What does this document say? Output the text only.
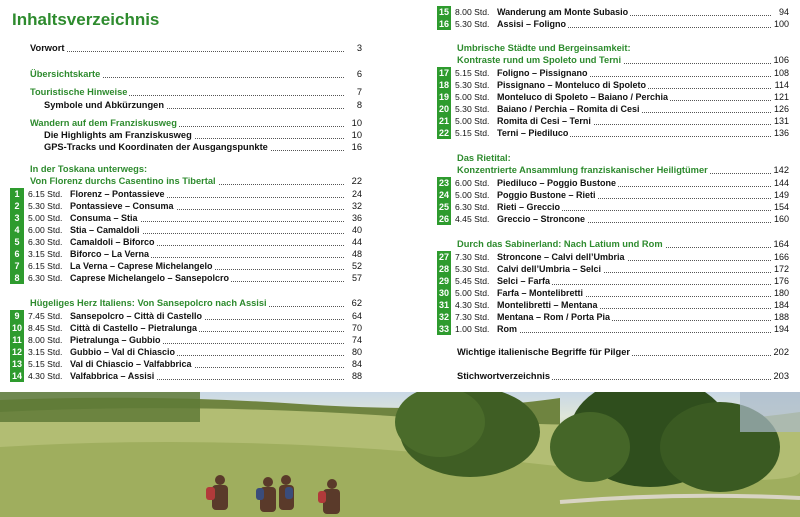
Inhaltsverzeichnis
Vorwort	3
Übersichtskarte	6
Touristische Hinweise	7
Symbole und Abkürzungen	8
Wandern auf dem Franziskusweg	10
Die Highlights am Franziskusweg	10
GPS-Tracks und Koordinaten der Ausgangspunkte	16
In der Toskana unterwegs:
Von Florenz durchs Casentino ins Tibertal	22
1 6.15 Std. Florenz – Pontassieve	24
2 5.30 Std. Pontassieve – Consuma	32
3 5.00 Std. Consuma – Stia	36
4 6.00 Std. Stia – Camaldoli	40
5 6.30 Std. Camaldoli – Biforco	44
6 3.15 Std. Biforco – La Verna	48
7 6.15 Std. La Verna – Caprese Michelangelo	52
8 6.30 Std. Caprese Michelangelo – Sansepolcro	57
Hügeliges Herz Italiens: Von Sansepolcro nach Assisi	62
9 7.45 Std. Sansepolcro – Città di Castello	64
10 8.45 Std. Città di Castello – Pietralunga	70
11 8.00 Std. Pietralunga – Gubbio	74
12 3.15 Std. Gubbio – Val di Chiascio	80
13 5.15 Std. Val di Chiascio – Valfabbrica	84
14 4.30 Std. Valfabbrica – Assisi	88
15 8.00 Std. Wanderung am Monte Subasio	94
16 5.30 Std. Assisi – Foligno	100
Umbrische Städte und Bergeinsamkeit:
Kontraste rund um Spoleto und Terni	106
17 5.15 Std. Foligno – Pissignano	108
18 5.30 Std. Pissignano – Monteluco di Spoleto	114
19 5.00 Std. Monteluco di Spoleto – Baiano / Perchia	121
20 5.30 Std. Baiano / Perchia – Romita di Cesi	126
21 5.00 Std. Romita di Cesi – Terni	131
22 5.15 Std. Terni – Piediluco	136
Das Rietital:
Konzentrierte Ansammlung franziskanischer Heiligtümer	142
23 6.00 Std. Piediluco – Poggio Bustone	144
24 5.00 Std. Poggio Bustone – Rieti	149
25 6.30 Std. Rieti – Greccio	154
26 4.45 Std. Greccio – Stroncone	160
Durch das Sabinerland: Nach Latium und Rom	164
27 7.30 Std. Stroncone – Calvi dell’Umbria	166
28 5.30 Std. Calvi dell’Umbria – Selci	172
29 5.45 Std. Selci – Farfa	176
30 5.00 Std. Farfa – Montelibretti	180
31 4.30 Std. Montelibretti – Mentana	184
32 7.30 Std. Mentana – Rom / Porta Pia	188
33 1.00 Std. Rom	194
Wichtige italienische Begriffe für Pilger	202
Stichwortverzeichnis	203
